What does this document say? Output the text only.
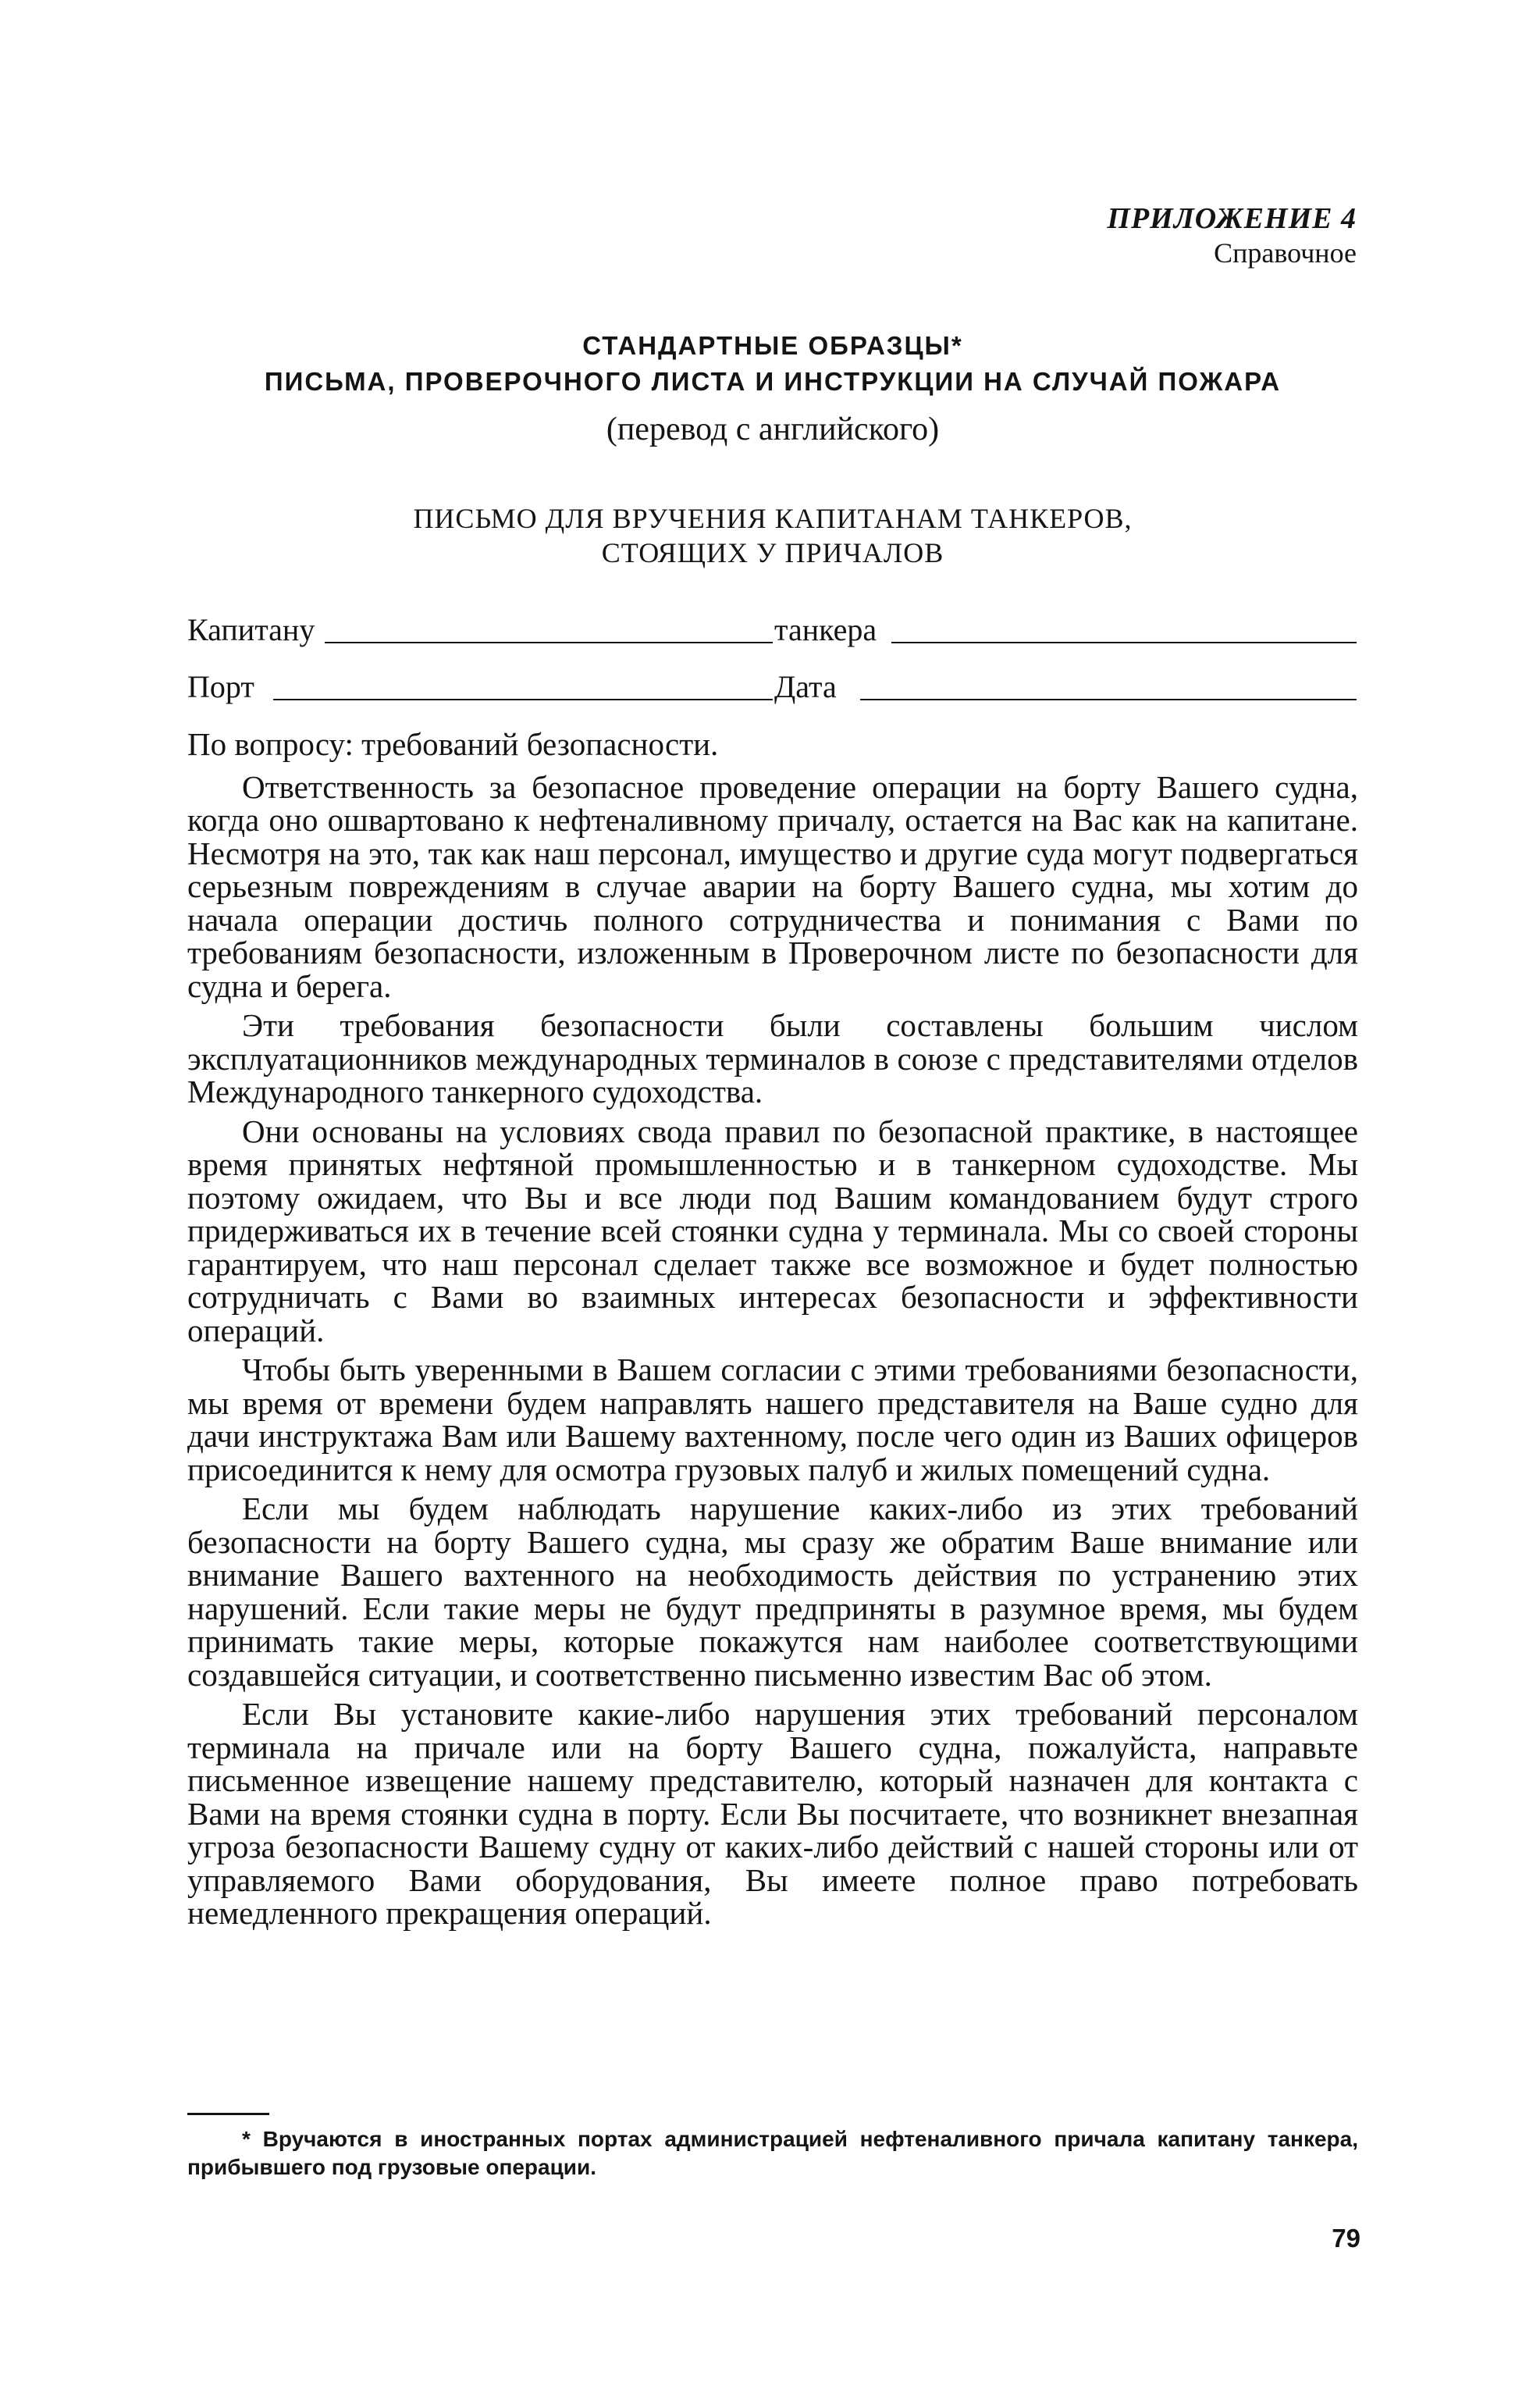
ПРИЛОЖЕНИЕ 4
Справочное
СТАНДАРТНЫЕ ОБРАЗЦЫ*
ПИСЬМА, ПРОВЕРОЧНОГО ЛИСТА И ИНСТРУКЦИИ НА СЛУЧАЙ ПОЖАРА
(перевод с английского)
ПИСЬМО ДЛЯ ВРУЧЕНИЯ КАПИТАНАМ ТАНКЕРОВ,
СТОЯЩИХ У ПРИЧАЛОВ
Капитану	танкера
Порт	Дата

По вопросу: требований безопасности.

Ответственность за безопасное проведение операции на борту Вашего судна, когда оно ошвартовано к нефтеналивному причалу, остается на Вас как на капитане. Несмотря на это, так как наш персонал, имущество и другие суда могут подвергаться серьезным повреждениям в случае аварии на борту Вашего судна, мы хотим до начала операции достичь полного сотрудничества и понимания с Вами по требованиям безопасности, изложенным в Проверочном листе по безопасности для судна и берега.

Эти требования безопасности были составлены большим числом эксплуатационников международных терминалов в союзе с представителями отделов Международного танкерного судоходства.

Они основаны на условиях свода правил по безопасной практике, в настоящее время принятых нефтяной промышленностью и в танкерном судоходстве. Мы поэтому ожидаем, что Вы и все люди под Вашим командованием будут строго придерживаться их в течение всей стоянки судна у терминала. Мы со своей стороны гарантируем, что наш персонал сделает также все возможное и будет полностью сотрудничать с Вами во взаимных интересах безопасности и эффективности операций.

Чтобы быть уверенными в Вашем согласии с этими требованиями безопасности, мы время от времени будем направлять нашего представителя на Ваше судно для дачи инструктажа Вам или Вашему вахтенному, после чего один из Ваших офицеров присоединится к нему для осмотра грузовых палуб и жилых помещений судна.

Если мы будем наблюдать нарушение каких-либо из этих требований безопасности на борту Вашего судна, мы сразу же обратим Ваше внимание или внимание Вашего вахтенного на необходимость действия по устранению этих нарушений. Если такие меры не будут предприняты в разумное время, мы будем принимать такие меры, которые покажутся нам наиболее соответствующими создавшейся ситуации, и соответственно письменно известим Вас об этом.

Если Вы установите какие-либо нарушения этих требований персоналом терминала на причале или на борту Вашего судна, пожалуйста, направьте письменное извещение нашему представителю, который назначен для контакта с Вами на время стоянки судна в порту. Если Вы посчитаете, что возникнет внезапная угроза безопасности Вашему судну от каких-либо действий с нашей стороны или от управляемого Вами оборудования, Вы имеете полное право потребовать немедленного прекращения операций.

* Вручаются в иностранных портах администрацией нефтеналивного причала капитану танкера, прибывшего под грузовые операции.
79
